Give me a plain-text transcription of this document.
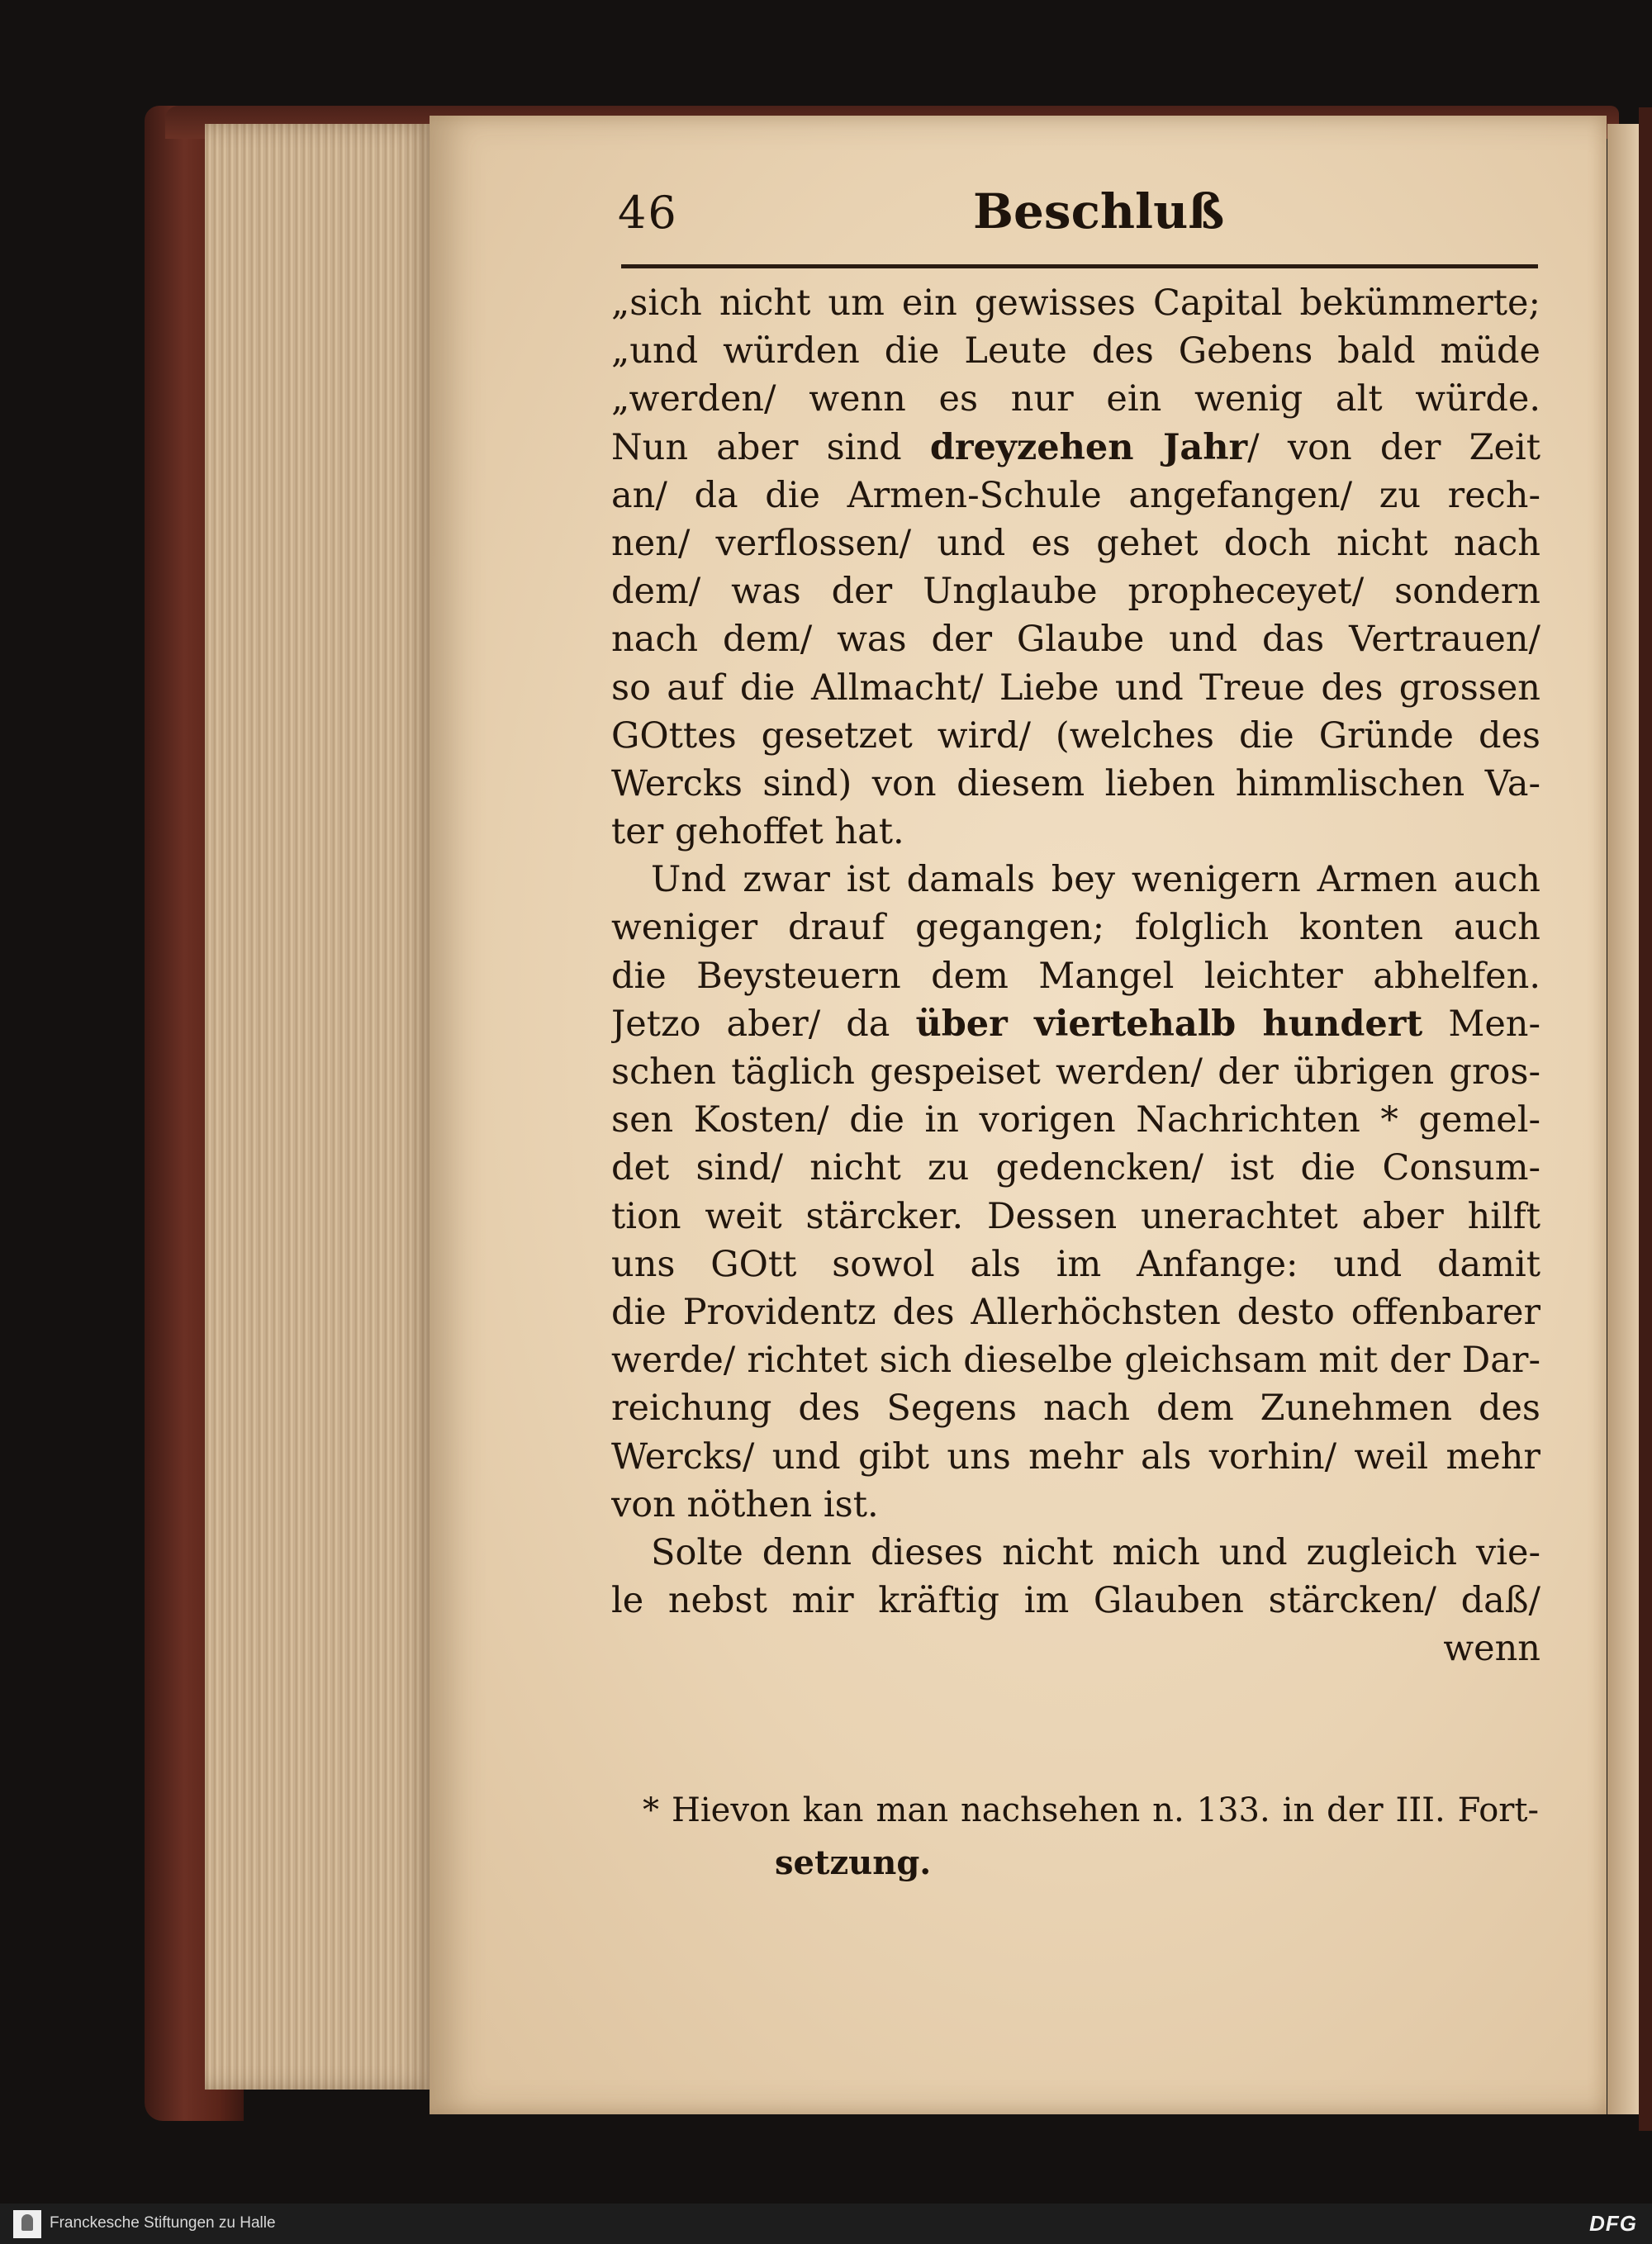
46	Beschluß
„sich nicht um ein gewisses Capital bekümmerte;
„und würden die Leute des Gebens bald müde
„werden/ wenn es nur ein wenig alt würde.
Nun aber sind dreyzehen Jahr/ von der Zeit
an/ da die Armen-Schule angefangen/ zu rech-
nen/ verflossen/ und es gehet doch nicht nach
dem/ was der Unglaube propheceyet/ sondern
nach dem/ was der Glaube und das Vertrauen/
so auf die Allmacht/ Liebe und Treue des grossen
GOttes gesetzet wird/ (welches die Gründe des
Wercks sind) von diesem lieben himmlischen Va-
ter gehoffet hat.
Und zwar ist damals bey wenigern Armen auch
weniger drauf gegangen; folglich konten auch
die Beysteuern dem Mangel leichter abhelfen.
Jetzo aber/ da über viertehalb hundert Men-
schen täglich gespeiset werden/ der übrigen gros-
sen Kosten/ die in vorigen Nachrichten * gemel-
det sind/ nicht zu gedencken/ ist die Consum-
tion weit stärcker. Dessen unerachtet aber hilft
uns GOtt sowol als im Anfange: und damit
die Providentz des Allerhöchsten desto offenbarer
werde/ richtet sich dieselbe gleichsam mit der Dar-
reichung des Segens nach dem Zunehmen des
Wercks/ und gibt uns mehr als vorhin/ weil mehr
von nöthen ist.
Solte denn dieses nicht mich und zugleich vie-
le nebst mir kräftig im Glauben stärcken/ daß/
wenn
* Hievon kan man nachsehen n. 133. in der III. Fort-
setzung.
Franckesche Stiftungen zu Halle	DFG
